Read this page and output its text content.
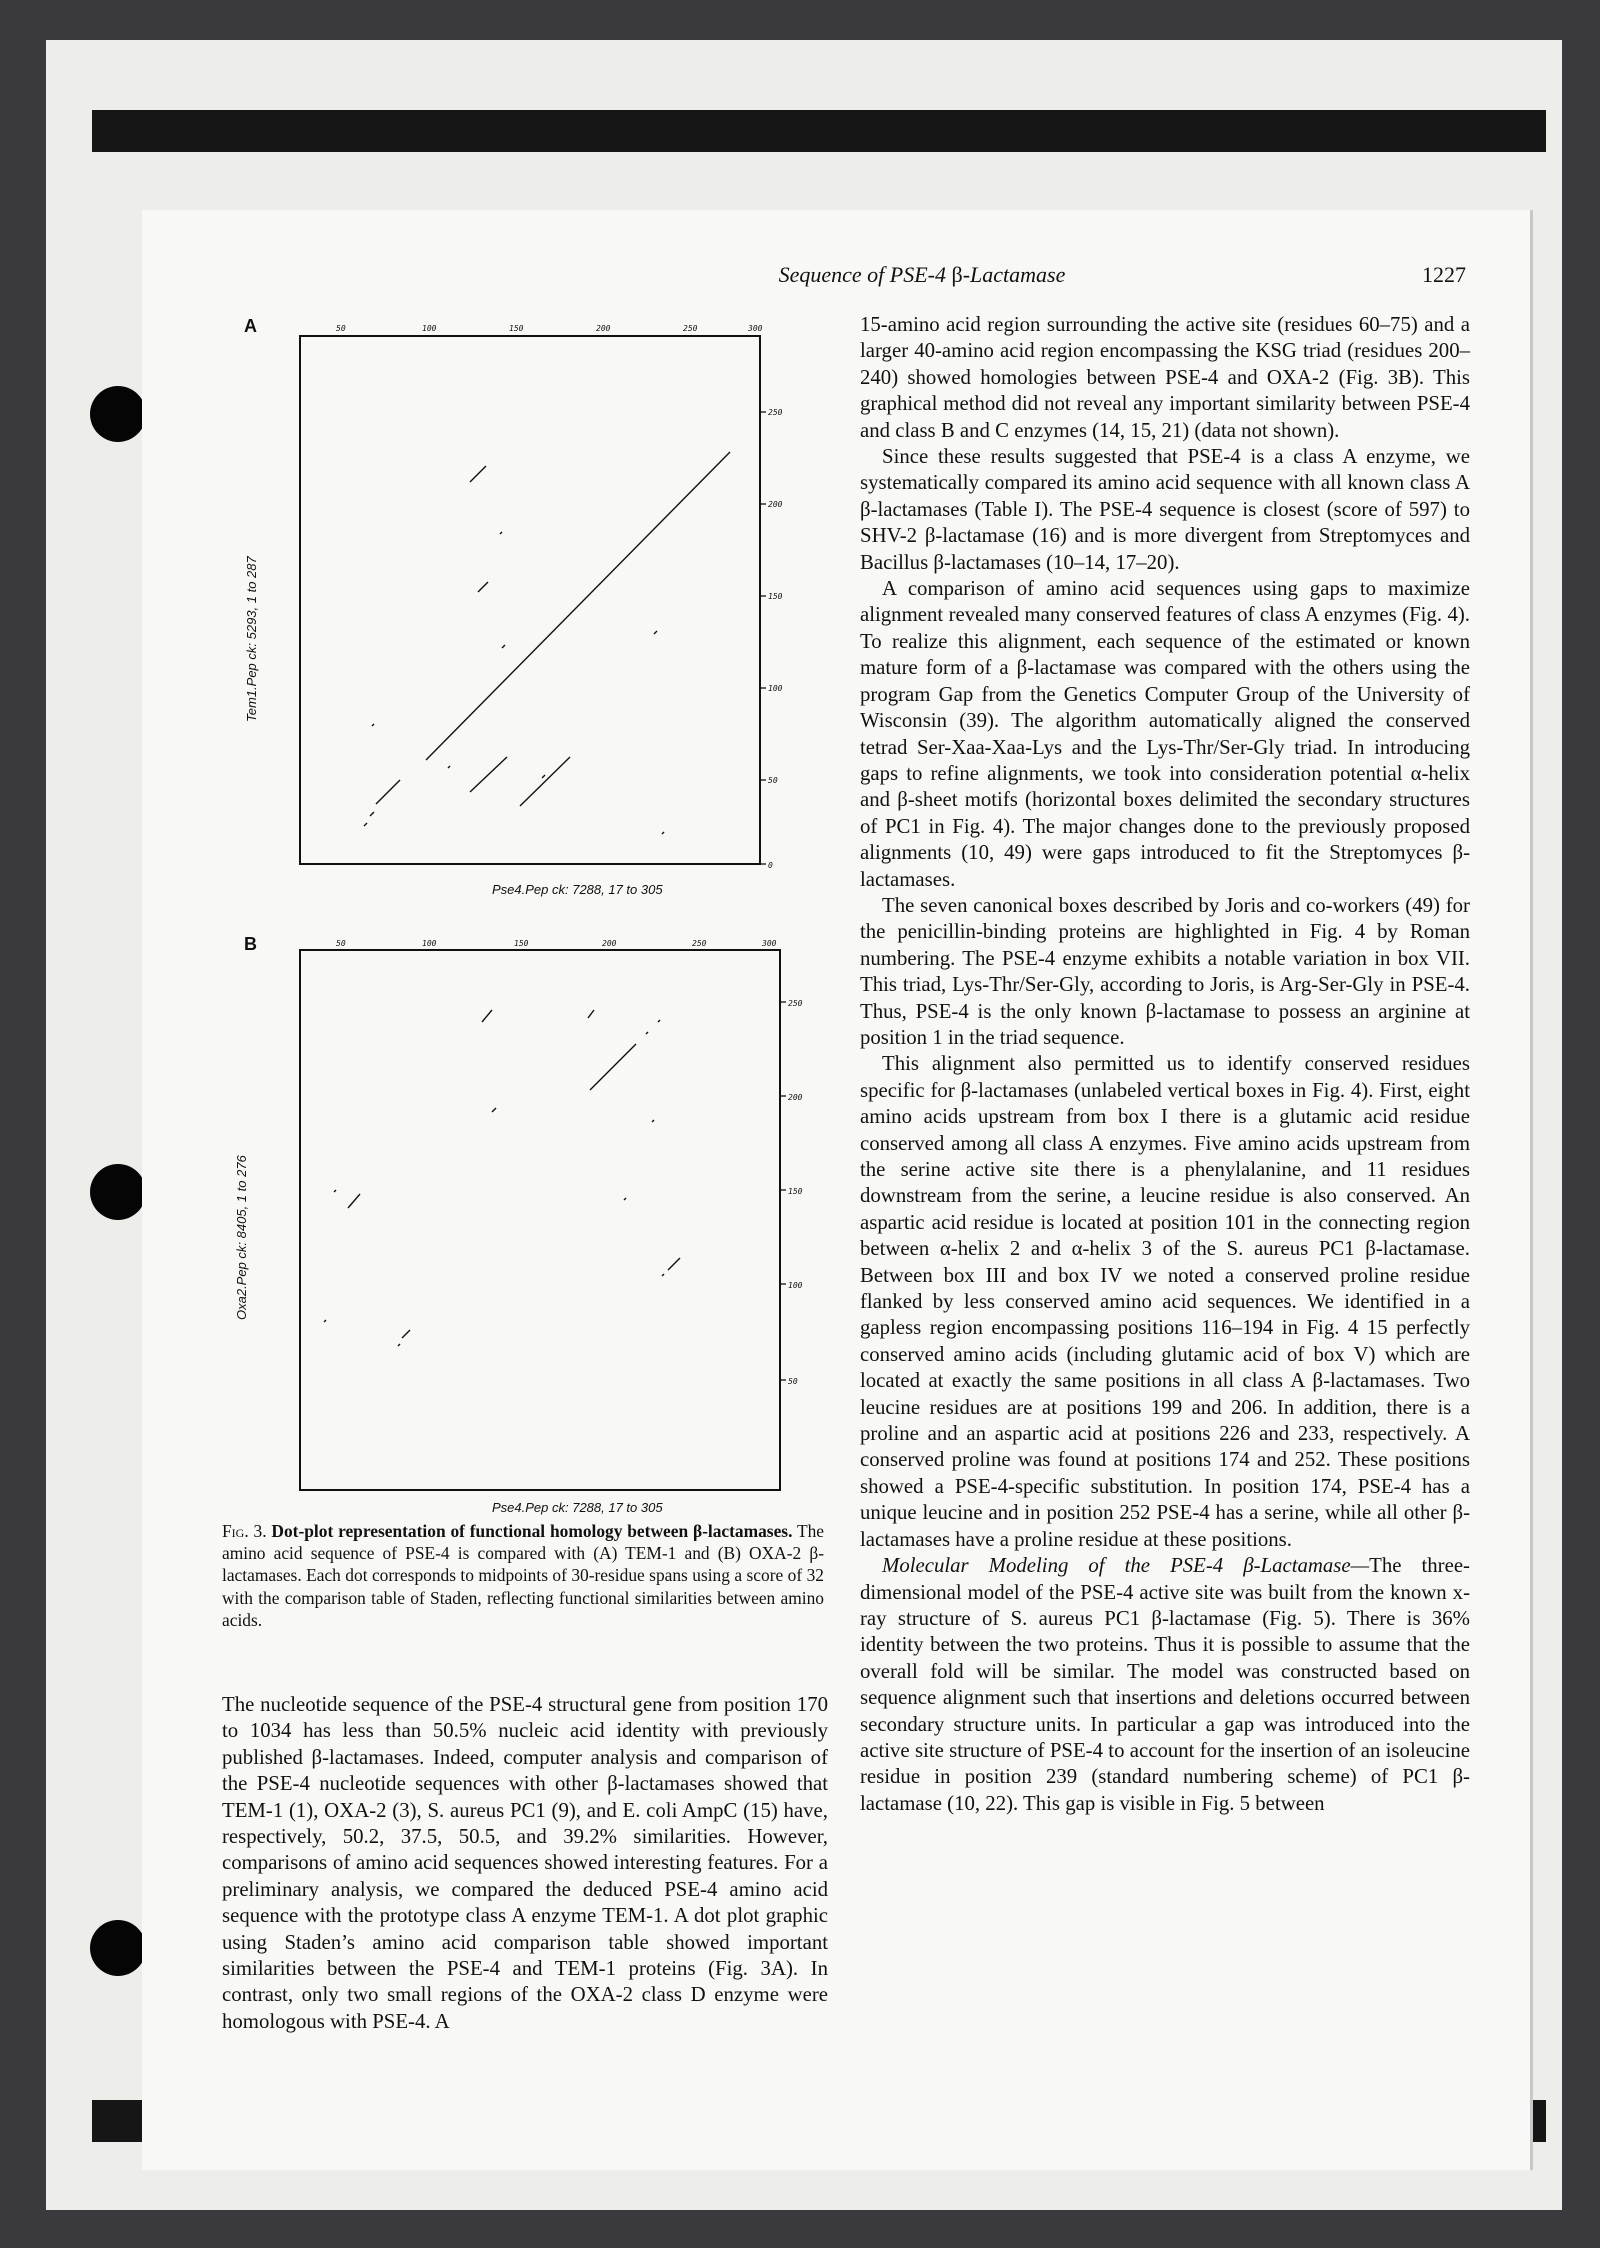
Sequence of PSE-4 β-Lactamase	1227
A	50	100	150	200	250	300
250
200
150
100
50
0
Pse4.Pep ck: 7288, 17 to 305
Tem1.Pep ck: 5293, 1 to 287
B	50	100	150	200	250	300
250
200
150
100
50
Pse4.Pep ck: 7288, 17 to 305
Oxa2.Pep ck: 8405, 1 to 276
Fig. 3. Dot-plot representation of functional homology between β-lactamases. The amino acid sequence of PSE-4 is compared with (A) TEM-1 and (B) OXA-2 β-lactamases. Each dot corresponds to midpoints of 30-residue spans using a score of 32 with the comparison table of Staden, reflecting functional similarities between amino acids.

The nucleotide sequence of the PSE-4 structural gene from position 170 to 1034 has less than 50.5% nucleic acid identity with previously published β-lactamases. Indeed, computer analysis and comparison of the PSE-4 nucleotide sequences with other β-lactamases showed that TEM-1 (1), OXA-2 (3), S. aureus PC1 (9), and E. coli AmpC (15) have, respectively, 50.2, 37.5, 50.5, and 39.2% similarities. However, comparisons of amino acid sequences showed interesting features. For a preliminary analysis, we compared the deduced PSE-4 amino acid sequence with the prototype class A enzyme TEM-1. A dot plot graphic using Staden’s amino acid comparison table showed important similarities between the PSE-4 and TEM-1 proteins (Fig. 3A). In contrast, only two small regions of the OXA-2 class D enzyme were homologous with PSE-4. A

15-amino acid region surrounding the active site (residues 60–75) and a larger 40-amino acid region encompassing the KSG triad (residues 200–240) showed homologies between PSE-4 and OXA-2 (Fig. 3B). This graphical method did not reveal any important similarity between PSE-4 and class B and C enzymes (14, 15, 21) (data not shown).

Since these results suggested that PSE-4 is a class A enzyme, we systematically compared its amino acid sequence with all known class A β-lactamases (Table I). The PSE-4 sequence is closest (score of 597) to SHV-2 β-lactamase (16) and is more divergent from Streptomyces and Bacillus β-lactamases (10–14, 17–20).

A comparison of amino acid sequences using gaps to maximize alignment revealed many conserved features of class A enzymes (Fig. 4). To realize this alignment, each sequence of the estimated or known mature form of a β-lactamase was compared with the others using the program Gap from the Genetics Computer Group of the University of Wisconsin (39). The algorithm automatically aligned the conserved tetrad Ser-Xaa-Xaa-Lys and the Lys-Thr/Ser-Gly triad. In introducing gaps to refine alignments, we took into consideration potential α-helix and β-sheet motifs (horizontal boxes delimited the secondary structures of PC1 in Fig. 4). The major changes done to the previously proposed alignments (10, 49) were gaps introduced to fit the Streptomyces β-lactamases.

The seven canonical boxes described by Joris and co-workers (49) for the penicillin-binding proteins are highlighted in Fig. 4 by Roman numbering. The PSE-4 enzyme exhibits a notable variation in box VII. This triad, Lys-Thr/Ser-Gly, according to Joris, is Arg-Ser-Gly in PSE-4. Thus, PSE-4 is the only known β-lactamase to possess an arginine at position 1 in the triad sequence.

This alignment also permitted us to identify conserved residues specific for β-lactamases (unlabeled vertical boxes in Fig. 4). First, eight amino acids upstream from box I there is a glutamic acid residue conserved among all class A enzymes. Five amino acids upstream from the serine active site there is a phenylalanine, and 11 residues downstream from the serine, a leucine residue is also conserved. An aspartic acid residue is located at position 101 in the connecting region between α-helix 2 and α-helix 3 of the S. aureus PC1 β-lactamase. Between box III and box IV we noted a conserved proline residue flanked by less conserved amino acid sequences. We identified in a gapless region encompassing positions 116–194 in Fig. 4 15 perfectly conserved amino acids (including glutamic acid of box V) which are located at exactly the same positions in all class A β-lactamases. Two leucine residues are at positions 199 and 206. In addition, there is a proline and an aspartic acid at positions 226 and 233, respectively. A conserved proline was found at positions 174 and 252. These positions showed a PSE-4-specific substitution. In position 174, PSE-4 has a unique leucine and in position 252 PSE-4 has a serine, while all other β-lactamases have a proline residue at these positions.

Molecular Modeling of the PSE-4 β-Lactamase—The three-dimensional model of the PSE-4 active site was built from the known x-ray structure of S. aureus PC1 β-lactamase (Fig. 5). There is 36% identity between the two proteins. Thus it is possible to assume that the overall fold will be similar. The model was constructed based on sequence alignment such that insertions and deletions occurred between secondary structure units. In particular a gap was introduced into the active site structure of PSE-4 to account for the insertion of an isoleucine residue in position 239 (standard numbering scheme) of PC1 β-lactamase (10, 22). This gap is visible in Fig. 5 between
